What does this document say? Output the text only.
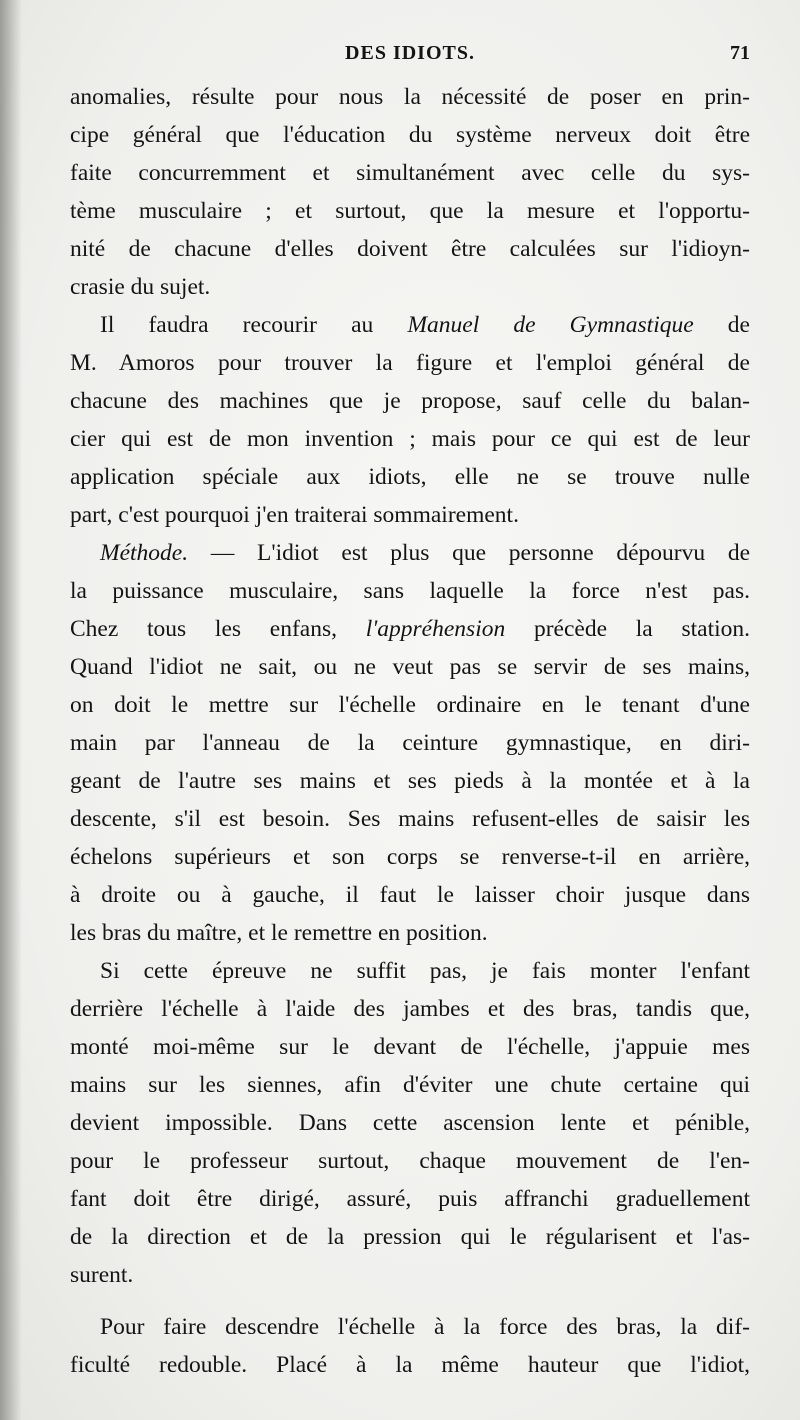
DES IDIOTS.	71
anomalies, résulte pour nous la nécessité de poser en prin-
cipe général que l'éducation du système nerveux doit être
faite concurremment et simultanément avec celle du sys-
tème musculaire ; et surtout, que la mesure et l'opportu-
nité de chacune d'elles doivent être calculées sur l'idioyn-
crasie du sujet.
Il faudra recourir au Manuel de Gymnastique de
M. Amoros pour trouver la figure et l'emploi général de
chacune des machines que je propose, sauf celle du balan-
cier qui est de mon invention ; mais pour ce qui est de leur
application spéciale aux idiots, elle ne se trouve nulle
part, c'est pourquoi j'en traiterai sommairement.
Méthode. — L'idiot est plus que personne dépourvu de
la puissance musculaire, sans laquelle la force n'est pas.
Chez tous les enfans, l'appréhension précède la station.
Quand l'idiot ne sait, ou ne veut pas se servir de ses mains,
on doit le mettre sur l'échelle ordinaire en le tenant d'une
main par l'anneau de la ceinture gymnastique, en diri-
geant de l'autre ses mains et ses pieds à la montée et à la
descente, s'il est besoin. Ses mains refusent-elles de saisir les
échelons supérieurs et son corps se renverse-t-il en arrière,
à droite ou à gauche, il faut le laisser choir jusque dans
les bras du maître, et le remettre en position.
Si cette épreuve ne suffit pas, je fais monter l'enfant
derrière l'échelle à l'aide des jambes et des bras, tandis que,
monté moi-même sur le devant de l'échelle, j'appuie mes
mains sur les siennes, afin d'éviter une chute certaine qui
devient impossible. Dans cette ascension lente et pénible,
pour le professeur surtout, chaque mouvement de l'en-
fant doit être dirigé, assuré, puis affranchi graduellement
de la direction et de la pression qui le régularisent et l'as-
surent.
Pour faire descendre l'échelle à la force des bras, la dif-
ficulté redouble. Placé à la même hauteur que l'idiot,
